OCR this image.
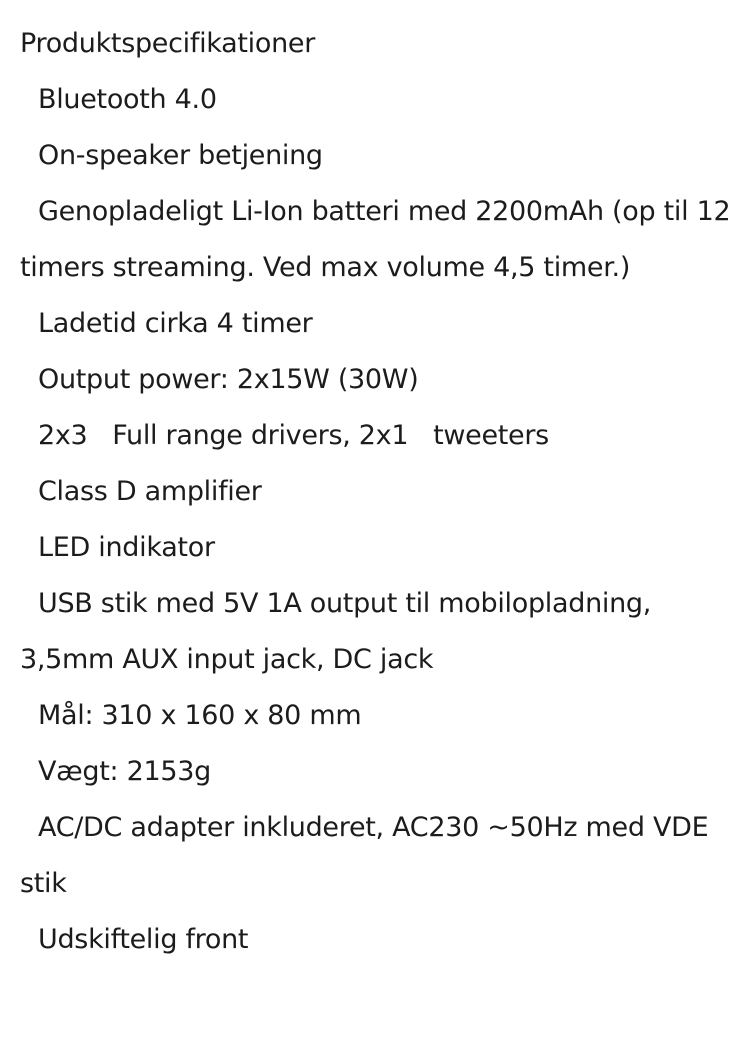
Produktspecifikationer

Bluetooth 4.0

On-speaker betjening

Genopladeligt Li-Ion batteri med 2200mAh (op til 12 timers streaming. Ved max volume 4,5 timer.)

Ladetid cirka 4 timer

Output power: 2x15W (30W)

2x3   Full range drivers, 2x1   tweeters

Class D amplifier

LED indikator

USB stik med 5V 1A output til mobilopladning, 3,5mm AUX input jack, DC jack

Mål: 310 x 160 x 80 mm

Vægt: 2153g

AC/DC adapter inkluderet, AC230 ~50Hz med VDE stik

Udskiftelig front
